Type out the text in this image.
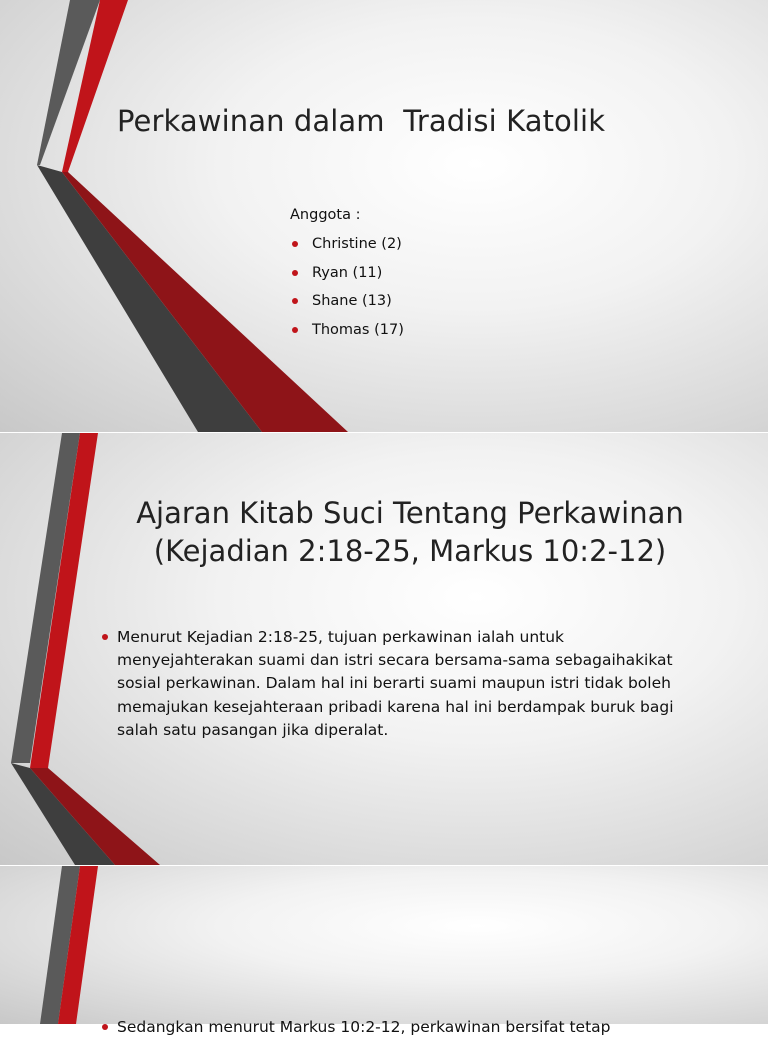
Perkawinan dalam  Tradisi Katolik
Anggota :
Christine (2)
Ryan (11)
Shane (13)
Thomas (17)
Ajaran Kitab Suci Tentang Perkawinan
(Kejadian 2:18-25, Markus 10:2-12)

Menurut Kejadian 2:18-25, tujuan perkawinan ialah untuk menyejahterakan suami dan istri secara bersama-sama sebagaihakikat sosial perkawinan. Dalam hal ini berarti suami maupun istri tidak boleh memajukan kesejahteraan pribadi karena hal ini berdampak buruk bagi salah satu pasangan jika diperalat.

Sedangkan menurut Markus 10:2-12, perkawinan bersifat tetap
